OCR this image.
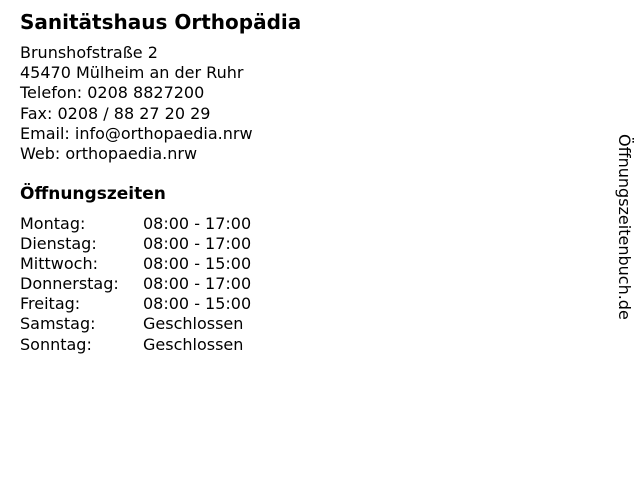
Sanitätshaus Orthopädia
Brunshofstraße 2
45470 Mülheim an der Ruhr
Telefon: 0208 8827200
Fax: 0208 / 88 27 20 29
Email: info@orthopaedia.nrw
Web: orthopaedia.nrw
Öffnungszeiten
Montag:	08:00 - 17:00
Dienstag:	08:00 - 17:00
Mittwoch:	08:00 - 15:00
Donnerstag:	08:00 - 17:00
Freitag:	08:00 - 15:00
Samstag:	Geschlossen
Sonntag:	Geschlossen
Öffnungszeitenbuch.de
